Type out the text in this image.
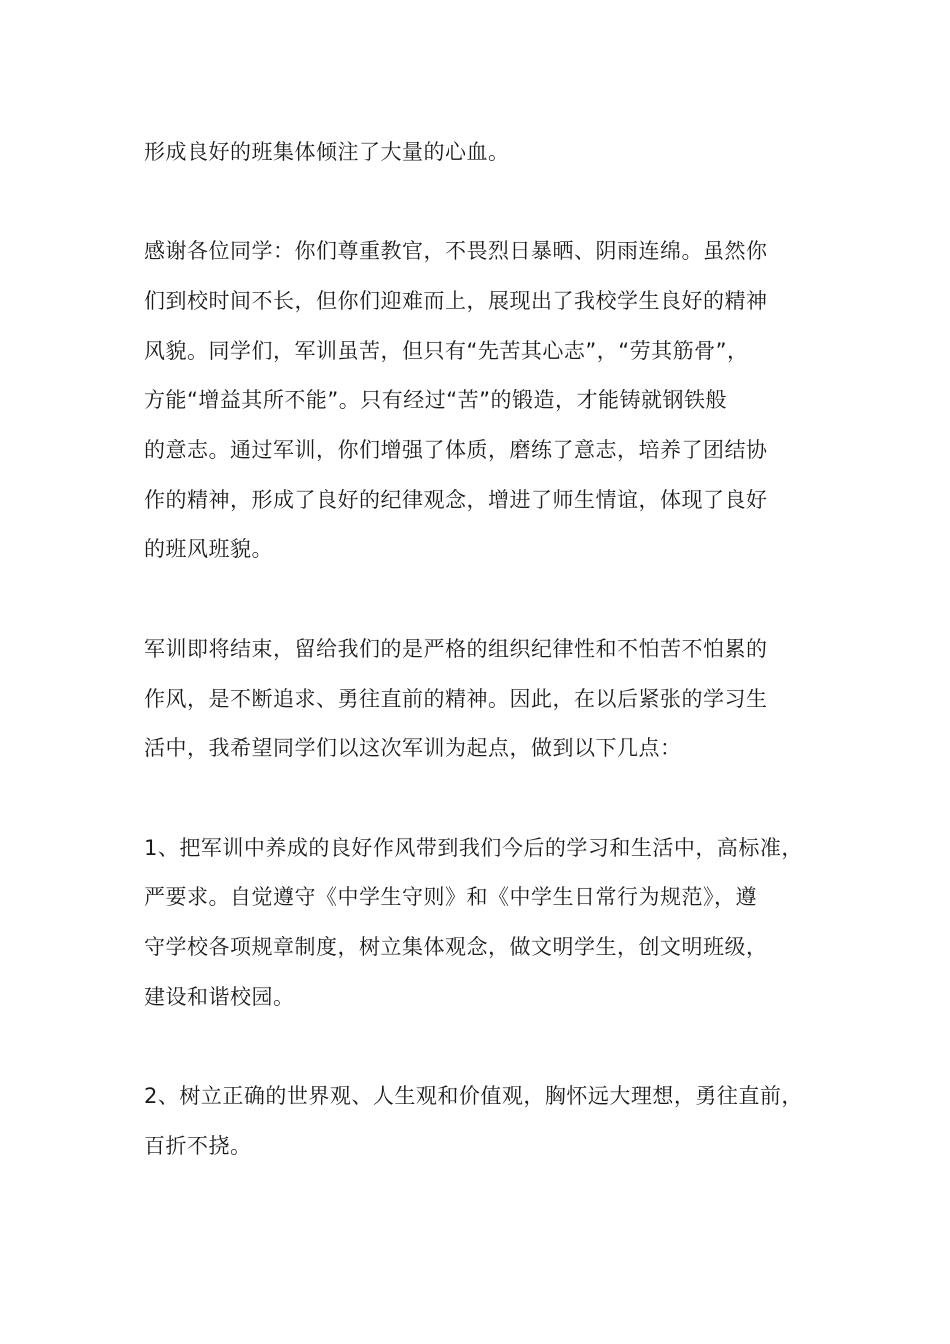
形成良好的班集体倾注了大量的心血。
感谢各位同学：你们尊重教官，不畏烈日暴晒、阴雨连绵。虽然你
们到校时间不长，但你们迎难而上，展现出了我校学生良好的精神
风貌。同学们，军训虽苦，但只有“先苦其心志”，“劳其筋骨”，
方能“增益其所不能”。只有经过“苦”的锻造，才能铸就钢铁般
的意志。通过军训，你们增强了体质，磨练了意志，培养了团结协
作的精神，形成了良好的纪律观念，增进了师生情谊，体现了良好
的班风班貌。
军训即将结束，留给我们的是严格的组织纪律性和不怕苦不怕累的
作风，是不断追求、勇往直前的精神。因此，在以后紧张的学习生
活中，我希望同学们以这次军训为起点，做到以下几点：
1、把军训中养成的良好作风带到我们今后的学习和生活中，高标准，
严要求。自觉遵守《中学生守则》和《中学生日常行为规范》，遵
守学校各项规章制度，树立集体观念，做文明学生，创文明班级，
建设和谐校园。
2、树立正确的世界观、人生观和价值观，胸怀远大理想，勇往直前，
百折不挠。
